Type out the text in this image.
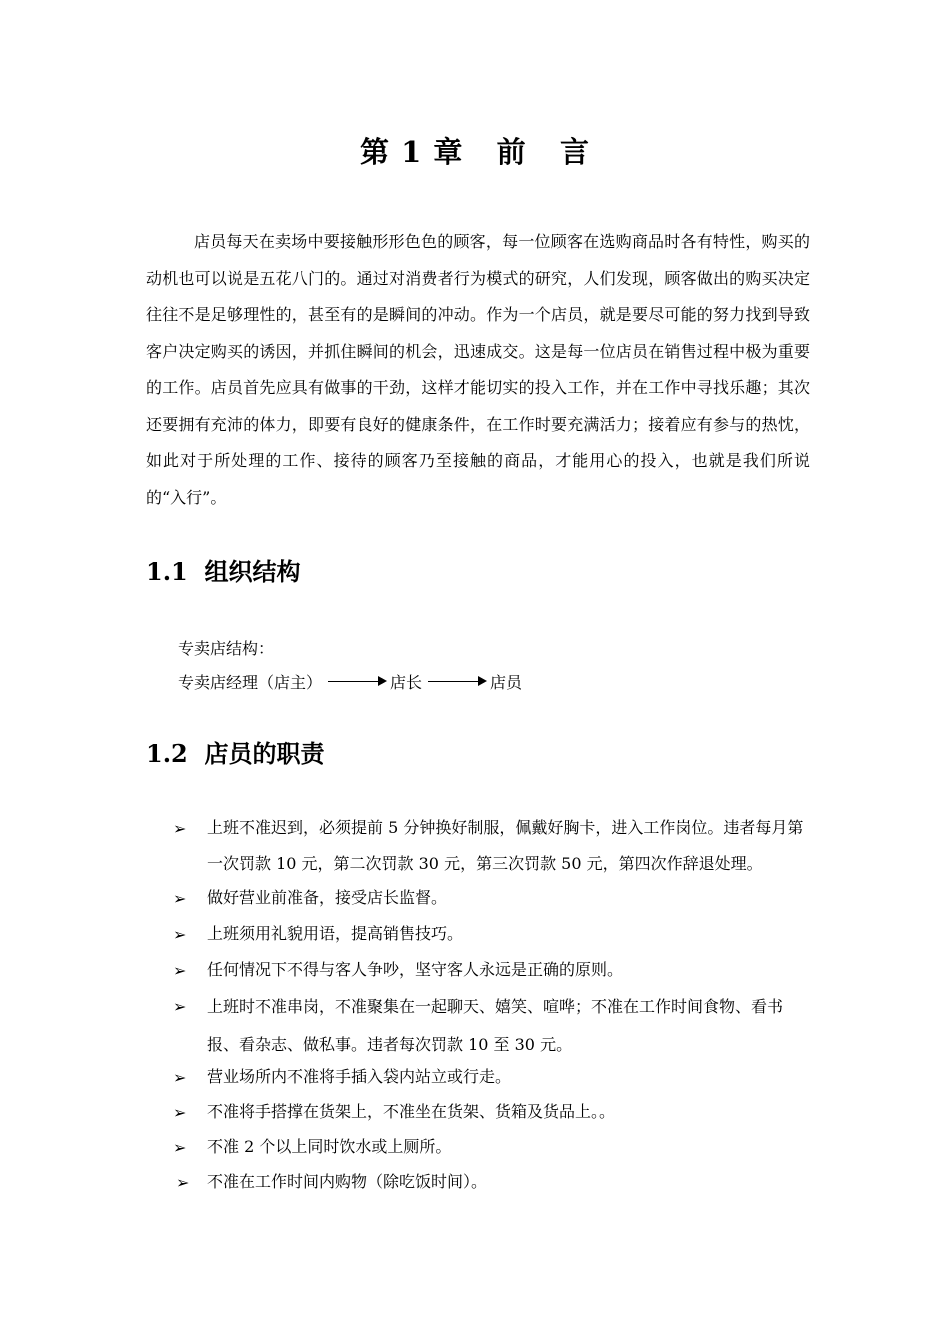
第 1 章   前   言

店员每天在卖场中要接触形形色色的顾客，每一位顾客在选购商品时各有特性，购买的动机也可以说是五花八门的。通过对消费者行为模式的研究，人们发现，顾客做出的购买决定往往不是足够理性的，甚至有的是瞬间的冲动。作为一个店员，就是要尽可能的努力找到导致客户决定购买的诱因，并抓住瞬间的机会，迅速成交。这是每一位店员在销售过程中极为重要的工作。店员首先应具有做事的干劲，这样才能切实的投入工作，并在工作中寻找乐趣；其次还要拥有充沛的体力，即要有良好的健康条件，在工作时要充满活力；接着应有参与的热忱，如此对于所处理的工作、接待的顾客乃至接触的商品，才能用心的投入，也就是我们所说的“入行”。

1.1  组织结构
专卖店结构：
专卖店经理（店主）	店长	店员
1.2  店员的职责
➢ 上班不准迟到，必须提前 5 分钟换好制服，佩戴好胸卡，进入工作岗位。违者每月第一次罚款 10 元，第二次罚款 30 元，第三次罚款 50 元，第四次作辞退处理。
➢ 做好营业前准备，接受店长监督。
➢ 上班须用礼貌用语，提高销售技巧。
➢ 任何情况下不得与客人争吵，坚守客人永远是正确的原则。
➢ 上班时不准串岗，不准聚集在一起聊天、嬉笑、喧哗；不准在工作时间食物、看书报、看杂志、做私事。违者每次罚款 10 至 30 元。
➢ 营业场所内不准将手插入袋内站立或行走。
➢ 不准将手搭撑在货架上，不准坐在货架、货箱及货品上。。
➢ 不准 2 个以上同时饮水或上厕所。
➢ 不准在工作时间内购物（除吃饭时间）。
